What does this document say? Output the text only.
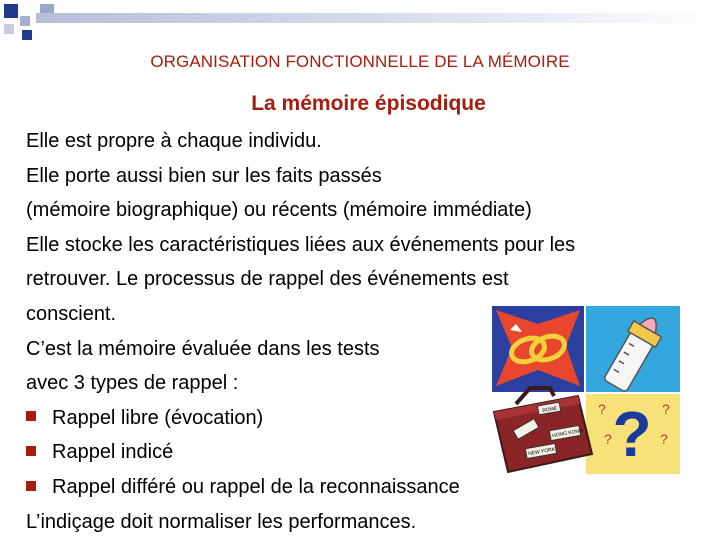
ORGANISATION FONCTIONNELLE DE LA MÉMOIRE
La mémoire épisodique
Elle est propre à chaque individu.
Elle porte aussi bien sur les faits passés
(mémoire biographique) ou récents (mémoire immédiate)
Elle stocke les caractéristiques liées aux événements pour les
retrouver. Le processus de rappel des événements est
conscient.
C’est la mémoire évaluée dans les tests
avec 3 types de rappel :
Rappel libre (évocation)
Rappel indicé
Rappel différé ou rappel de la reconnaissance
L’indiçage doit normaliser les performances.
?
?	?
?	?
ROME
HONG KONG
NEW YORK
